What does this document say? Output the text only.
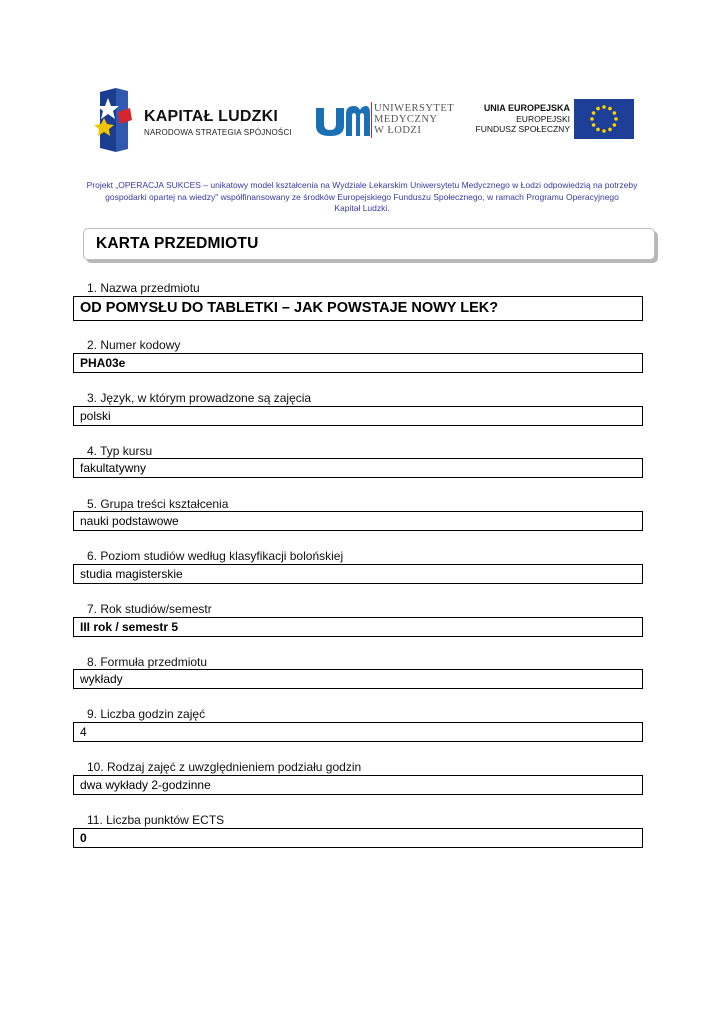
KAPITAŁ LUDZKI
NARODOWA STRATEGIA SPÓJNOŚCI
UNIWERSYTET
MEDYCZNY
W ŁODZI
UNIA EUROPEJSKA
EUROPEJSKI
FUNDUSZ SPOŁECZNY
Projekt „OPERACJA SUKCES – unikatowy model kształcenia na Wydziale Lekarskim Uniwersytetu Medycznego w Łodzi odpowiedzią na potrzeby
gospodarki opartej na wiedzy" współfinansowany ze środków Europejskiego Funduszu Społecznego, w ramach Programu Operacyjnego
Kapitał Ludzki.
KARTA PRZEDMIOTU
1. Nazwa przedmiotu
OD POMYSŁU DO TABLETKI – JAK POWSTAJE NOWY LEK?
2. Numer kodowy
PHA03e
3. Język, w którym prowadzone są zajęcia
polski
4. Typ kursu
fakultatywny
5. Grupa treści kształcenia
nauki podstawowe
6. Poziom studiów według klasyfikacji bolońskiej
studia magisterskie
7. Rok studiów/semestr
III rok / semestr 5
8. Formuła przedmiotu
wykłady
9. Liczba godzin zajęć
4
10. Rodzaj zajęć z uwzględnieniem podziału godzin
dwa wykłady 2-godzinne
11. Liczba punktów ECTS
0
